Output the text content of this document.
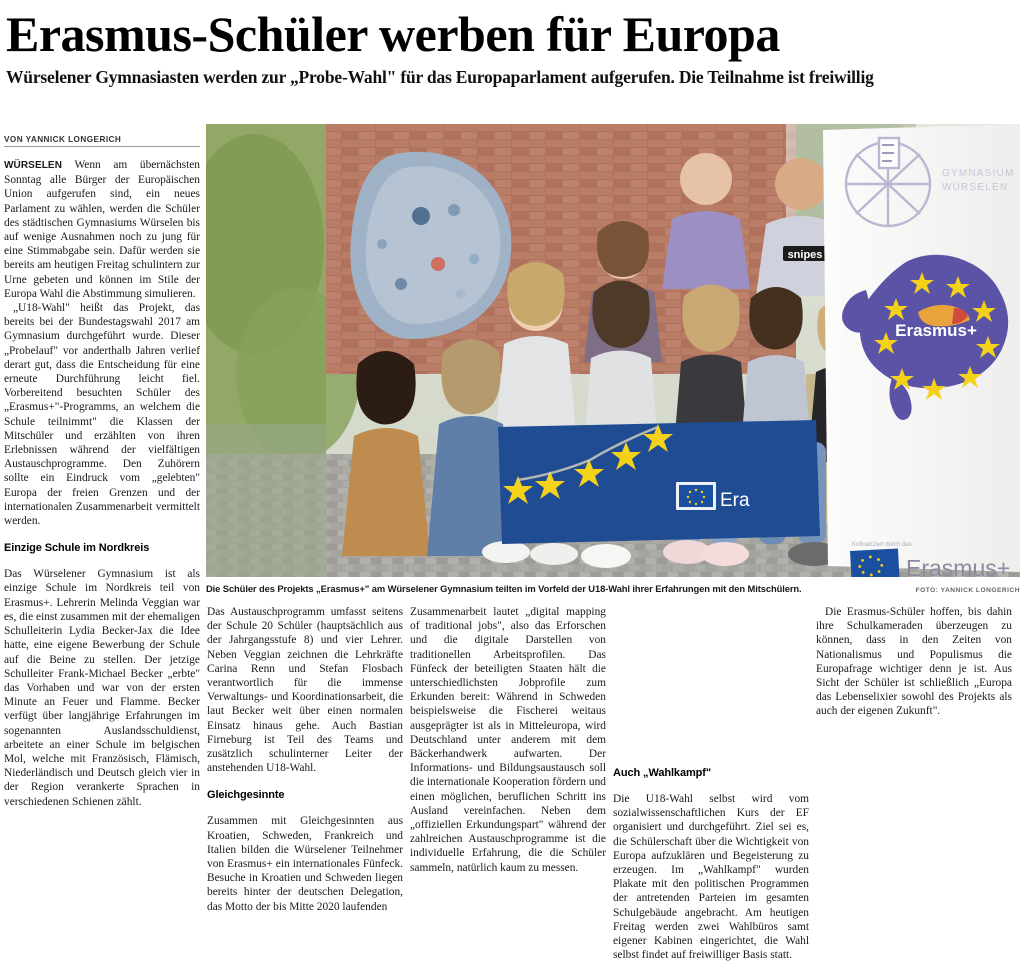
Erasmus-Schüler werben für Europa
Würselener Gymnasiasten werden zur „Probe-Wahl" für das Europaparlament aufgerufen. Die Teilnahme ist freiwillig
VON YANNICK LONGERICH

WÜRSELEN Wenn am übernächsten Sonntag alle Bürger der Europäischen Union aufgerufen sind, ein neues Parlament zu wählen, werden die Schüler des städtischen Gymnasiums Würselen bis auf wenige Ausnahmen noch zu jung für eine Stimmabgabe sein. Dafür werden sie bereits am heutigen Freitag schulintern zur Urne gebeten und können im Stile der Europa Wahl die Abstimmung simulieren.

„U18-Wahl" heißt das Projekt, das bereits bei der Bundestagswahl 2017 am Gymnasium durchgeführt wurde. Dieser „Probelauf" vor anderthalb Jahren verlief derart gut, dass die Entscheidung für eine erneute Durchführung leicht fiel. Vorbereitend besuchten Schüler des „Erasmus+"-Programms, an welchem die Schule teilnimmt" die Klassen der Mitschüler und erzählten von ihren Erlebnissen während der vielfältigen Austauschprogramme. Den Zuhörern sollte ein Eindruck vom „gelebten" Europa der freien Grenzen und der internationalen Zusammenarbeit vermittelt werden.

Einzige Schule im Nordkreis

Das Würselener Gymnasium ist als einzige Schule im Nordkreis teil von Erasmus+. Lehrerin Melinda Veggian war es, die einst zusammen mit der ehemaligen Schulleiterin Lydia Becker-Jax die Idee hatte, eine eigene Bewerbung der Schule auf die Beine zu stellen. Der jetzige Schulleiter Frank-Michael Becker „erbte" das Vorhaben und war von der ersten Minute an Feuer und Flamme. Becker verfügt über langjährige Erfahrungen im sogenannten Auslandsschuldienst, arbeitete an einer Schule im belgischen Mol, welche mit Französisch, Flämisch, Niederländisch und Deutsch gleich vier in der Region verankerte Sprachen in verschiedenen Schienen zählt.

snipes
Era
GYMNASIUM
WÜRSELEN
Erasmus+
Kofinanziert durch das
Erasmus+
Die Schüler des Projekts „Erasmus+" am Würselener Gymnasium teilten im Vorfeld der U18-Wahl ihrer Erfahrungen mit den Mitschülern.	FOTO: YANNICK LONGERICH

Das Austauschprogramm umfasst seitens der Schule 20 Schüler (hauptsächlich aus der Jahrgangsstufe 8) und vier Lehrer. Neben Veggian zeichnen die Lehrkräfte Carina Renn und Stefan Flosbach verantwortlich für die immense Verwaltungs- und Koordinationsarbeit, die laut Becker weit über einen normalen Einsatz hinaus gehe. Auch Bastian Firneburg ist Teil des Teams und zusätzlich schulinterner Leiter der anstehenden U18-Wahl.

Gleichgesinnte

Zusammen mit Gleichgesinnten aus Kroatien, Schweden, Frankreich und Italien bilden die Würselener Teilnehmer von Erasmus+ ein internationales Fünfeck. Besuche in Kroatien und Schweden liegen bereits hinter der deutschen Delegation, das Motto der bis Mitte 2020 laufenden

Zusammenarbeit lautet „digital mapping of traditional jobs", also das Erforschen und die digitale Darstellen von traditionellen Arbeitsprofilen. Das Fünfeck der beteiligten Staaten hält die unterschiedlichsten Jobprofile zum Erkunden bereit: Während in Schweden beispielsweise die Fischerei weitaus ausgeprägter ist als in Mitteleuropa, wird Deutschland unter anderem mit dem Bäckerhandwerk aufwarten. Der Informations- und Bildungsaustausch soll die internationale Kooperation fördern und einen möglichen, beruflichen Schritt ins Ausland vereinfachen. Neben dem „offiziellen Erkundungspart" während der zahlreichen Austauschprogramme ist die individuelle Erfahrung, die die Schüler sammeln, natürlich kaum zu messen.

Auch „Wahlkampf"

Die U18-Wahl selbst wird vom sozialwissenschaftlichen Kurs der EF organisiert und durchgeführt. Ziel sei es, die Schülerschaft über die Wichtigkeit von Europa aufzuklären und Begeisterung zu erzeugen. Im „Wahlkampf" wurden Plakate mit den politischen Programmen der antretenden Parteien im gesamten Schulgebäude angebracht. Am heutigen Freitag werden zwei Wahlbüros samt eigener Kabinen eingerichtet, die Wahl selbst findet auf freiwilliger Basis statt.

Die Erasmus-Schüler hoffen, bis dahin ihre Schulkameraden überzeugen zu können, dass in den Zeiten von Nationalismus und Populismus die Europafrage wichtiger denn je ist. Aus Sicht der Schüler ist schließlich „Europa das Lebenselixier sowohl des Projekts als auch der eigenen Zukunft".
